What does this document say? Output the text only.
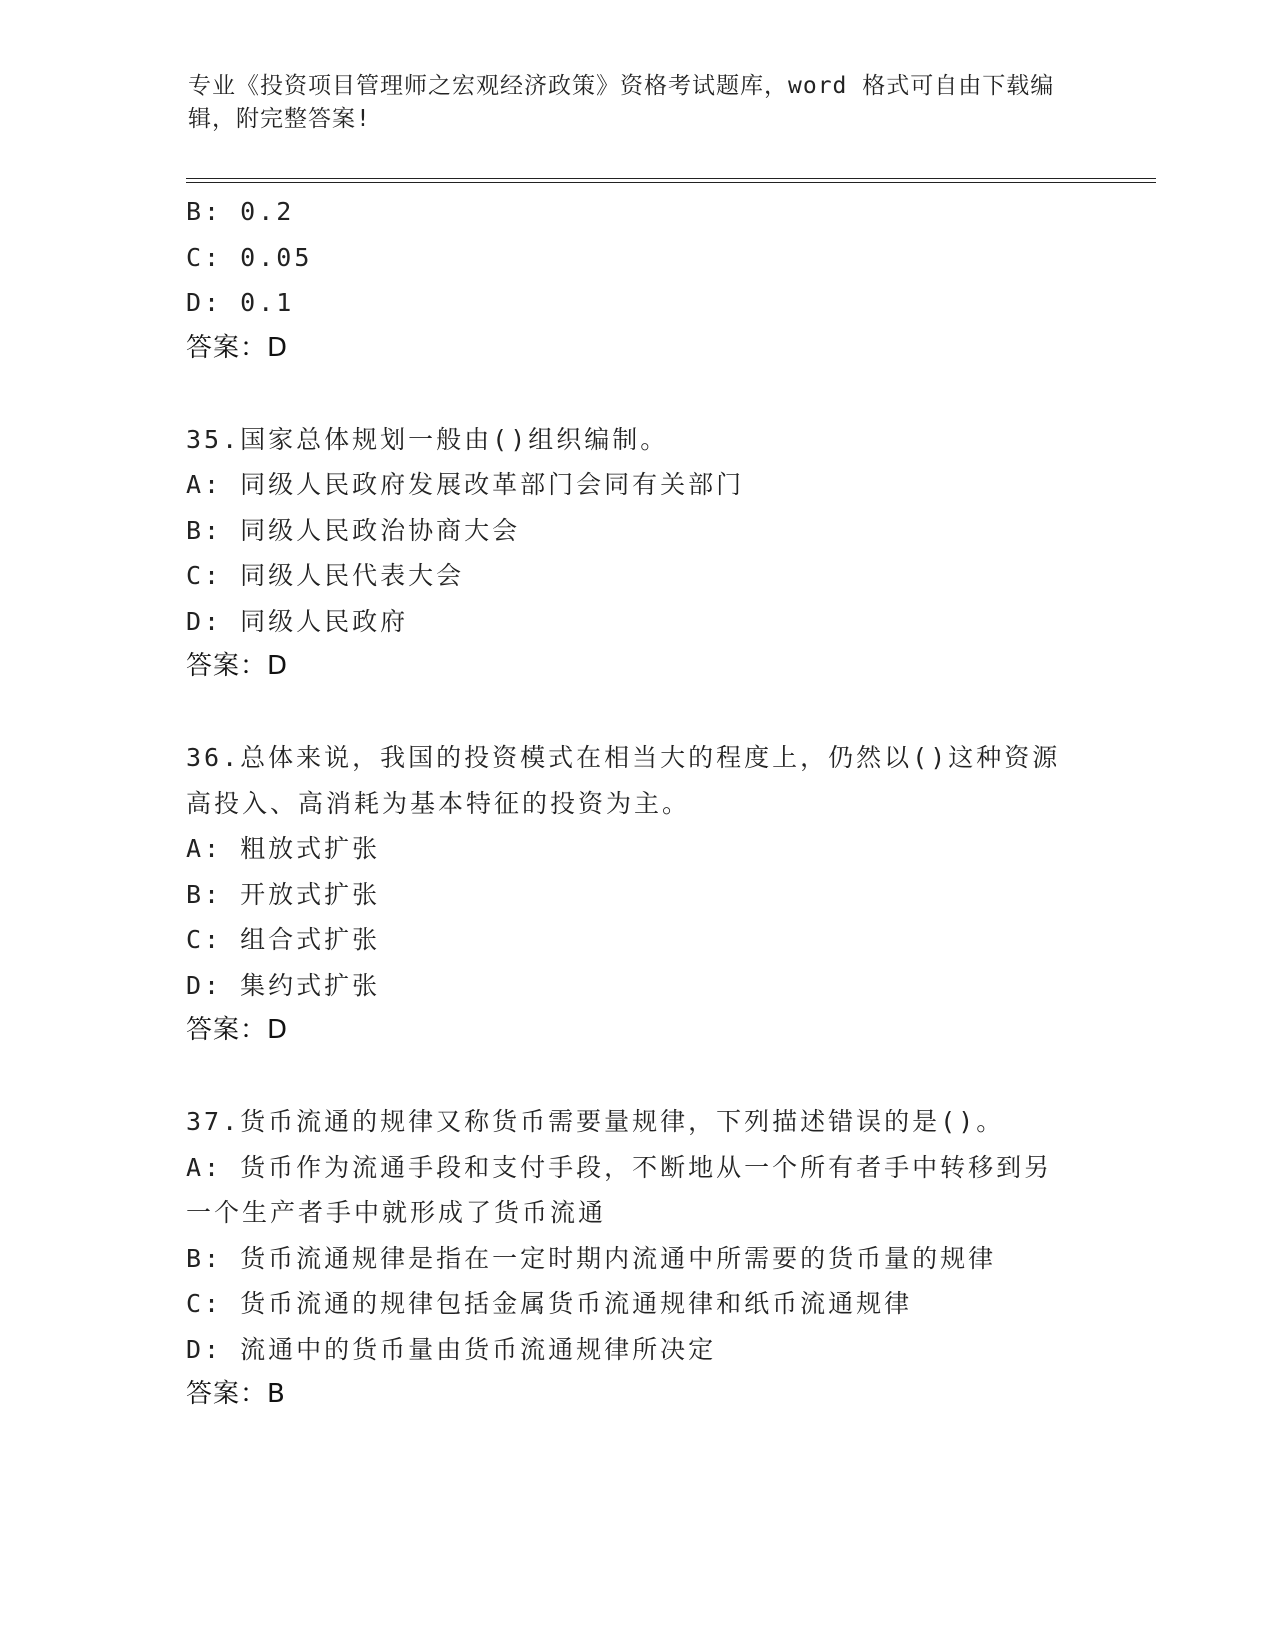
专业《投资项目管理师之宏观经济政策》资格考试题库，word 格式可自由下载编
辑，附完整答案!
B: 0.2
C: 0.05
D: 0.1
答案：D
35.国家总体规划一般由()组织编制。
A: 同级人民政府发展改革部门会同有关部门
B: 同级人民政治协商大会
C: 同级人民代表大会
D: 同级人民政府
答案：D
36.总体来说，我国的投资模式在相当大的程度上，仍然以()这种资源
高投入、高消耗为基本特征的投资为主。
A: 粗放式扩张
B: 开放式扩张
C: 组合式扩张
D: 集约式扩张
答案：D
37.货币流通的规律又称货币需要量规律，下列描述错误的是()。
A: 货币作为流通手段和支付手段，不断地从一个所有者手中转移到另
一个生产者手中就形成了货币流通
B: 货币流通规律是指在一定时期内流通中所需要的货币量的规律
C: 货币流通的规律包括金属货币流通规律和纸币流通规律
D: 流通中的货币量由货币流通规律所决定
答案：B
